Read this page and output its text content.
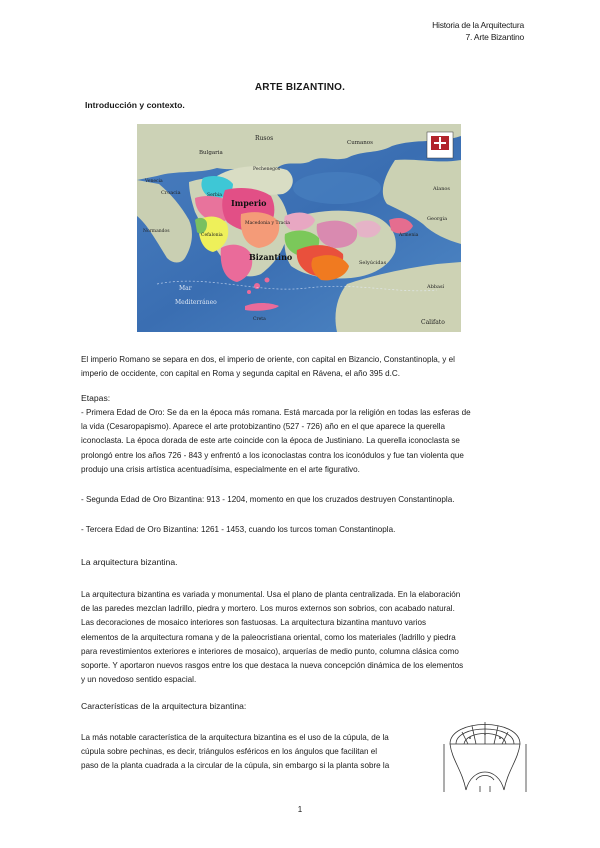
Historia de la Arquitectura
7. Arte Bizantino
ARTE BIZANTINO.
Introducción y contexto.
Bulgaria
Cumanos
Rusos
Pechenegos
Croacia	Serbia
Imperio
Macedonia y Tracia
Cefalonia
Bizantino
Selyúcidas
Armenia
Georgia
Alanos
Mar
Mediterráneo
Abbasí
Califato
Venecia
Normandos
Creta
El imperio Romano se separa en dos, el imperio de oriente, con capital en Bizancio, Constantinopla, y el
imperio de occidente, con capital en Roma y segunda capital en Rávena, el año 395 d.C.
Etapas:
- Primera Edad de Oro: Se da en la época más romana. Está marcada por la religión en todas las esferas de
la vida (Cesaropapismo). Aparece el arte protobizantino (527 - 726) año en el que aparece la querella
iconoclasta. La época dorada de este arte coincide con la época de Justiniano. La querella iconoclasta se
prolongó entre los años 726 - 843 y enfrentó a los iconoclastas contra los iconódulos y fue tan violenta que
produjo una crisis artística acentuadísima, especialmente en el arte figurativo.
- Segunda Edad de Oro Bizantina: 913 - 1204, momento en que los cruzados destruyen Constantinopla.
- Tercera Edad de Oro Bizantina: 1261 - 1453, cuando los turcos toman Constantinopla.
La arquitectura bizantina.
La arquitectura bizantina es variada y monumental. Usa el plano de planta centralizada. En la elaboración
de las paredes mezclan ladrillo, piedra y mortero. Los muros externos son sobrios, con acabado natural.
Las decoraciones de mosaico interiores son fastuosas. La arquitectura bizantina mantuvo varios
elementos de la arquitectura romana y de la paleocristiana oriental, como los materiales (ladrillo y piedra
para revestimientos exteriores e interiores de mosaico), arquerías de medio punto, columna clásica como
soporte. Y aportaron nuevos rasgos entre los que destaca la nueva concepción dinámica de los elementos
y un novedoso sentido espacial.
Características de la arquitectura bizantina:
La más notable característica de la arquitectura bizantina es el uso de la cúpula, de la
cúpula sobre pechinas, es decir, triángulos esféricos en los ángulos que facilitan el
paso de la planta cuadrada a la circular de la cúpula, sin embargo si la planta sobre la
1
